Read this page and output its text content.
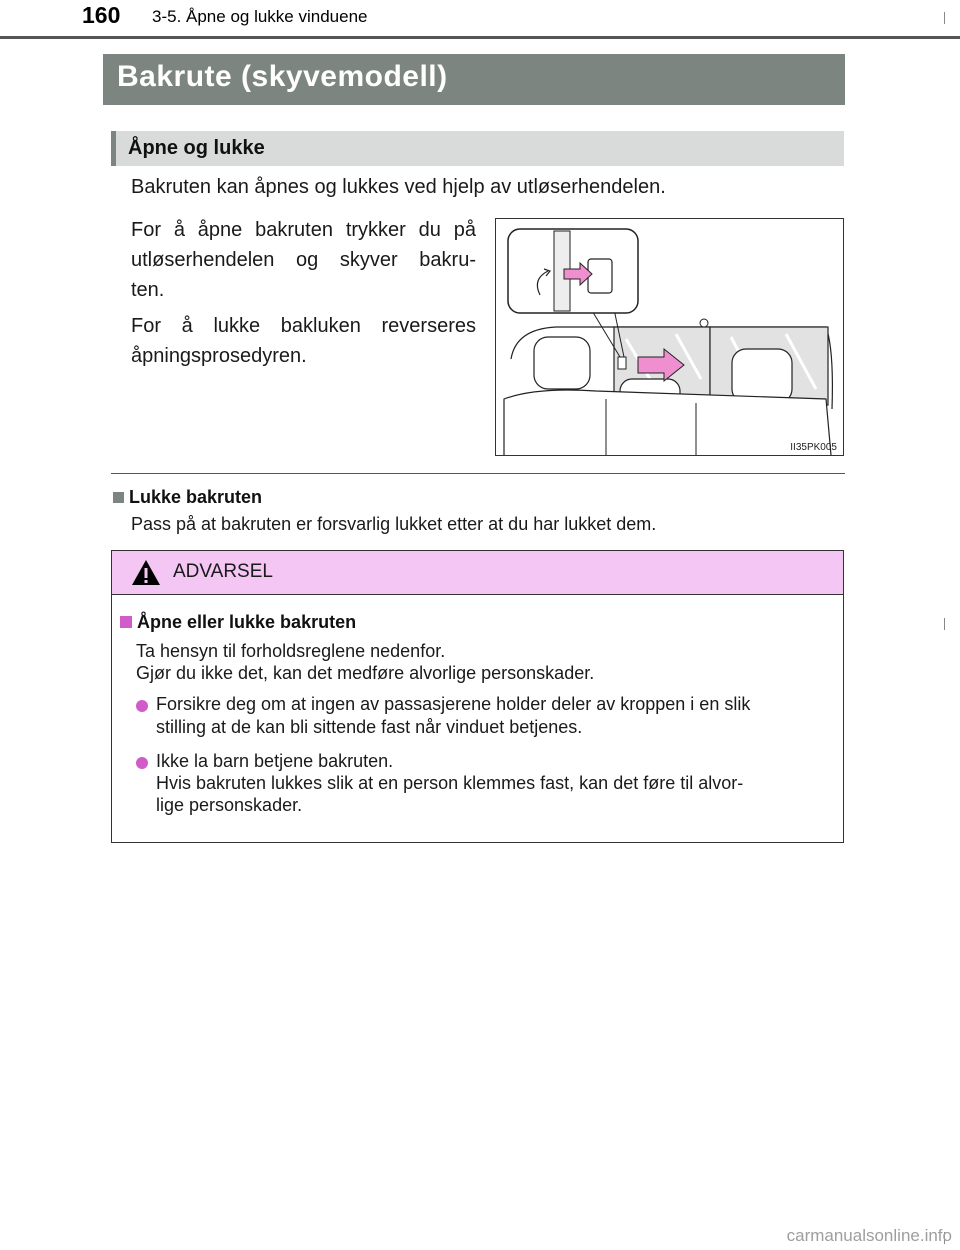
160 3-5. Åpne og lukke vinduene
Bakrute (skyvemodell)
Åpne og lukke
Bakruten kan åpnes og lukkes ved hjelp av utløserhendelen.
For å åpne bakruten trykker du på
utløserhendelen og skyver bakru-
ten.
For å lukke bakluken reverseres
åpningsprosedyren.
II35PK005
Lukke bakruten
Pass på at bakruten er forsvarlig lukket etter at du har lukket dem.
ADVARSEL
Åpne eller lukke bakruten
Ta hensyn til forholdsreglene nedenfor.
Gjør du ikke det, kan det medføre alvorlige personskader.
Forsikre deg om at ingen av passasjerene holder deler av kroppen i en slik
stilling at de kan bli sittende fast når vinduet betjenes.
Ikke la barn betjene bakruten.
Hvis bakruten lukkes slik at en person klemmes fast, kan det føre til alvor-
lige personskader.
carmanualsonline.info
